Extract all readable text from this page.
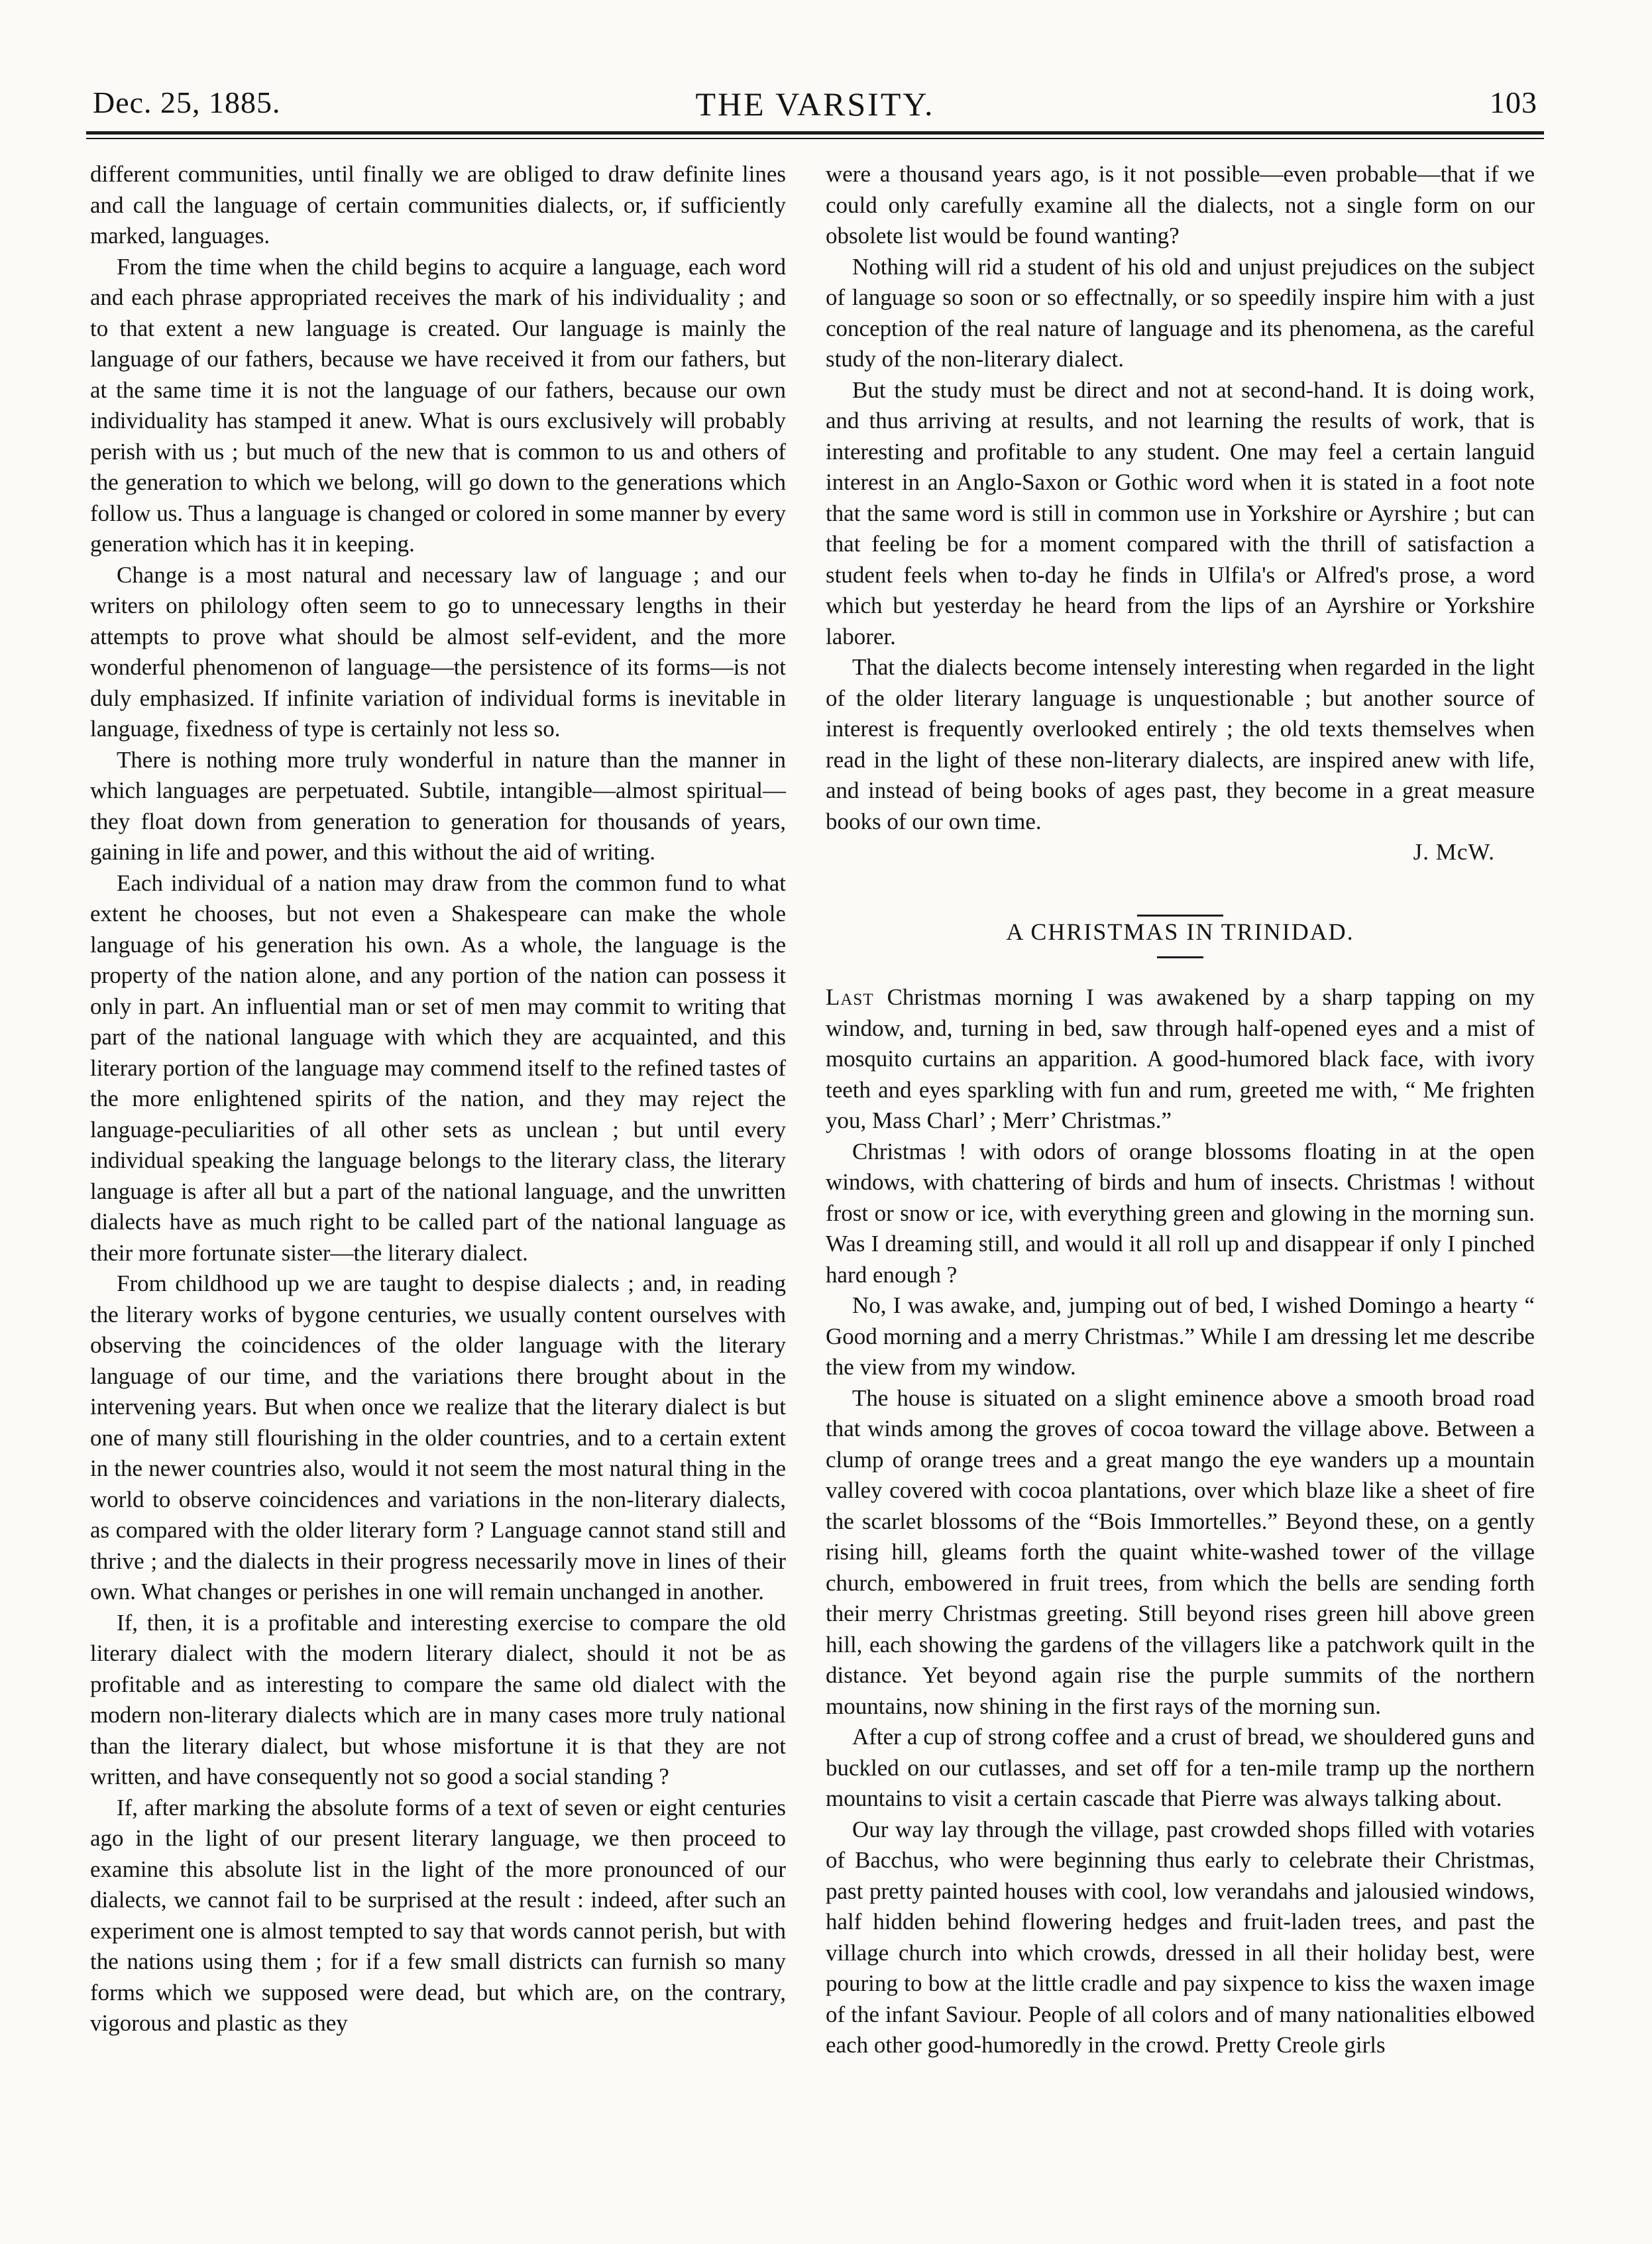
Dec. 25, 1885.	THE VARSITY.	103

different communities, until finally we are obliged to draw definite lines and call the language of certain communities dialects, or, if sufficiently marked, languages.

From the time when the child begins to acquire a language, each word and each phrase appropriated receives the mark of his individuality ; and to that extent a new language is created. Our language is mainly the language of our fathers, because we have received it from our fathers, but at the same time it is not the language of our fathers, because our own individuality has stamped it anew. What is ours exclusively will probably perish with us ; but much of the new that is common to us and others of the generation to which we belong, will go down to the generations which follow us. Thus a language is changed or colored in some manner by every generation which has it in keeping.

Change is a most natural and necessary law of language ; and our writers on philology often seem to go to unnecessary lengths in their attempts to prove what should be almost self-evident, and the more wonderful phenomenon of language—the persistence of its forms—is not duly emphasized. If infinite variation of individual forms is inevitable in language, fixedness of type is certainly not less so.

There is nothing more truly wonderful in nature than the manner in which languages are perpetuated. Subtile, intangible—almost spiritual—they float down from generation to generation for thousands of years, gaining in life and power, and this without the aid of writing.

Each individual of a nation may draw from the common fund to what extent he chooses, but not even a Shakespeare can make the whole language of his generation his own. As a whole, the language is the property of the nation alone, and any portion of the nation can possess it only in part. An influential man or set of men may commit to writing that part of the national language with which they are acquainted, and this literary portion of the language may commend itself to the refined tastes of the more enlightened spirits of the nation, and they may reject the language-peculiarities of all other sets as unclean ; but until every individual speaking the language belongs to the literary class, the literary language is after all but a part of the national language, and the unwritten dialects have as much right to be called part of the national language as their more fortunate sister—the literary dialect.

From childhood up we are taught to despise dialects ; and, in reading the literary works of bygone centuries, we usually content ourselves with observing the coincidences of the older language with the literary language of our time, and the variations there brought about in the intervening years. But when once we realize that the literary dialect is but one of many still flourishing in the older countries, and to a certain extent in the newer countries also, would it not seem the most natural thing in the world to observe coincidences and variations in the non-literary dialects, as compared with the older literary form ? Language cannot stand still and thrive ; and the dialects in their progress necessarily move in lines of their own. What changes or perishes in one will remain unchanged in another.

If, then, it is a profitable and interesting exercise to compare the old literary dialect with the modern literary dialect, should it not be as profitable and as interesting to compare the same old dialect with the modern non-literary dialects which are in many cases more truly national than the literary dialect, but whose misfortune it is that they are not written, and have consequently not so good a social standing ?

If, after marking the absolute forms of a text of seven or eight centuries ago in the light of our present literary language, we then proceed to examine this absolute list in the light of the more pronounced of our dialects, we cannot fail to be surprised at the result : indeed, after such an experiment one is almost tempted to say that words cannot perish, but with the nations using them ; for if a few small districts can furnish so many forms which we supposed were dead, but which are, on the contrary, vigorous and plastic as they

were a thousand years ago, is it not possible—even probable—that if we could only carefully examine all the dialects, not a single form on our obsolete list would be found wanting?

Nothing will rid a student of his old and unjust prejudices on the subject of language so soon or so effectnally, or so speedily inspire him with a just conception of the real nature of language and its phenomena, as the careful study of the non-literary dialect.

But the study must be direct and not at second-hand. It is doing work, and thus arriving at results, and not learning the results of work, that is interesting and profitable to any student. One may feel a certain languid interest in an Anglo-Saxon or Gothic word when it is stated in a foot note that the same word is still in common use in Yorkshire or Ayrshire ; but can that feeling be for a moment compared with the thrill of satisfaction a student feels when to-day he finds in Ulfila's or Alfred's prose, a word which but yesterday he heard from the lips of an Ayrshire or Yorkshire laborer.

That the dialects become intensely interesting when regarded in the light of the older literary language is unquestionable ; but another source of interest is frequently overlooked entirely ; the old texts themselves when read in the light of these non-literary dialects, are inspired anew with life, and instead of being books of ages past, they become in a great measure books of our own time.

J. McW.

A CHRISTMAS IN TRINIDAD.

Last Christmas morning I was awakened by a sharp tapping on my window, and, turning in bed, saw through half-opened eyes and a mist of mosquito curtains an apparition. A good-humored black face, with ivory teeth and eyes sparkling with fun and rum, greeted me with, “ Me frighten you, Mass Charl’ ; Merr’ Christmas.”

Christmas ! with odors of orange blossoms floating in at the open windows, with chattering of birds and hum of insects. Christmas ! without frost or snow or ice, with everything green and glowing in the morning sun. Was I dreaming still, and would it all roll up and disappear if only I pinched hard enough ?

No, I was awake, and, jumping out of bed, I wished Domingo a hearty “ Good morning and a merry Christmas.” While I am dressing let me describe the view from my window.

The house is situated on a slight eminence above a smooth broad road that winds among the groves of cocoa toward the village above. Between a clump of orange trees and a great mango the eye wanders up a mountain valley covered with cocoa plantations, over which blaze like a sheet of fire the scarlet blossoms of the “Bois Immortelles.” Beyond these, on a gently rising hill, gleams forth the quaint white-washed tower of the village church, embowered in fruit trees, from which the bells are sending forth their merry Christmas greeting. Still beyond rises green hill above green hill, each showing the gardens of the villagers like a patchwork quilt in the distance. Yet beyond again rise the purple summits of the northern mountains, now shining in the first rays of the morning sun.

After a cup of strong coffee and a crust of bread, we shouldered guns and buckled on our cutlasses, and set off for a ten-mile tramp up the northern mountains to visit a certain cascade that Pierre was always talking about.

Our way lay through the village, past crowded shops filled with votaries of Bacchus, who were beginning thus early to celebrate their Christmas, past pretty painted houses with cool, low verandahs and jalousied windows, half hidden behind flowering hedges and fruit-laden trees, and past the village church into which crowds, dressed in all their holiday best, were pouring to bow at the little cradle and pay sixpence to kiss the waxen image of the infant Saviour. People of all colors and of many nationalities elbowed each other good-humoredly in the crowd. Pretty Creole girls
